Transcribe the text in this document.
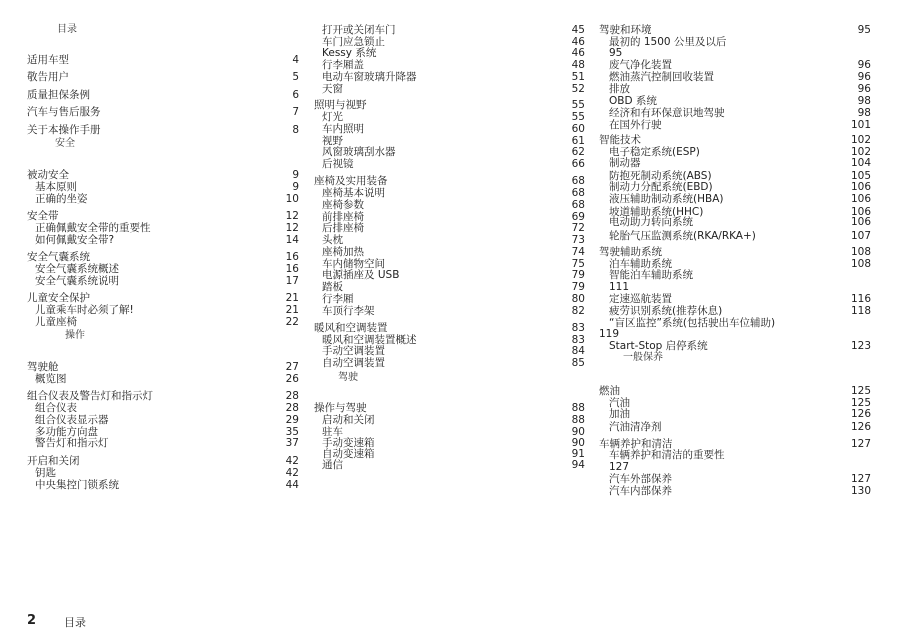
目录
适用车型	4
敬告用户	5
质量担保条例	6
汽车与售后服务	7
关于本操作手册	8
安全
被动安全	9
基本原则	9
正确的坐姿	10
安全带	12
正确佩戴安全带的重要性	12
如何佩戴安全带?	14
安全气囊系统	16
安全气囊系统概述	16
安全气囊系统说明	17
儿童安全保护	21
儿童乘车时必须了解!	21
儿童座椅	22
操作
驾驶舱	27
概览图	26
组合仪表及警告灯和指示灯	28
组合仪表	28
组合仪表显示器	29
多功能方向盘	35
警告灯和指示灯	37
开启和关闭	42
钥匙	42
中央集控门锁系统	44
打开或关闭车门	45
车门应急锁止	46
Kessy 系统	46
行李厢盖	48
电动车窗玻璃升降器	51
天窗	52
照明与视野	55
灯光	55
车内照明	60
视野	61
风窗玻璃刮水器	62
后视镜	66
座椅及实用装备	68
座椅基本说明	68
座椅参数	68
前排座椅	69
后排座椅	72
头枕	73
座椅加热	74
车内储物空间	75
电源插座及 USB	79
踏板	79
行李厢	80
车顶行李架	82
暖风和空调装置	83
暖风和空调装置概述	83
手动空调装置	84
自动空调装置	85
驾驶
操作与驾驶	88
启动和关闭	88
驻车	90
手动变速箱	90
自动变速箱	91
通信	94
驾驶和环境	95
最初的 1500 公里及以后
95
废气净化装置	96
燃油蒸汽控制回收装置	96
排放	96
OBD 系统	98
经济和有环保意识地驾驶	98
在国外行驶	101
智能技术	102
电子稳定系统(ESP)	102
制动器	104
防抱死制动系统(ABS)	105
制动力分配系统(EBD)	106
液压辅助制动系统(HBA)	106
坡道辅助系统(HHC)	106
电动助力转向系统	106
轮胎气压监测系统(RKA/RKA+)	107
驾驶辅助系统	108
泊车辅助系统	108
智能泊车辅助系统
111
定速巡航装置	116
疲劳识别系统(推荐休息)	118
“盲区监控”系统(包括驶出车位辅助)
119
Start-Stop 启停系统	123
一般保养
燃油	125
汽油	125
加油	126
汽油清净剂	126
车辆养护和清洁	127
车辆养护和清洁的重要性
127
汽车外部保养	127
汽车内部保养	130
2	目录
